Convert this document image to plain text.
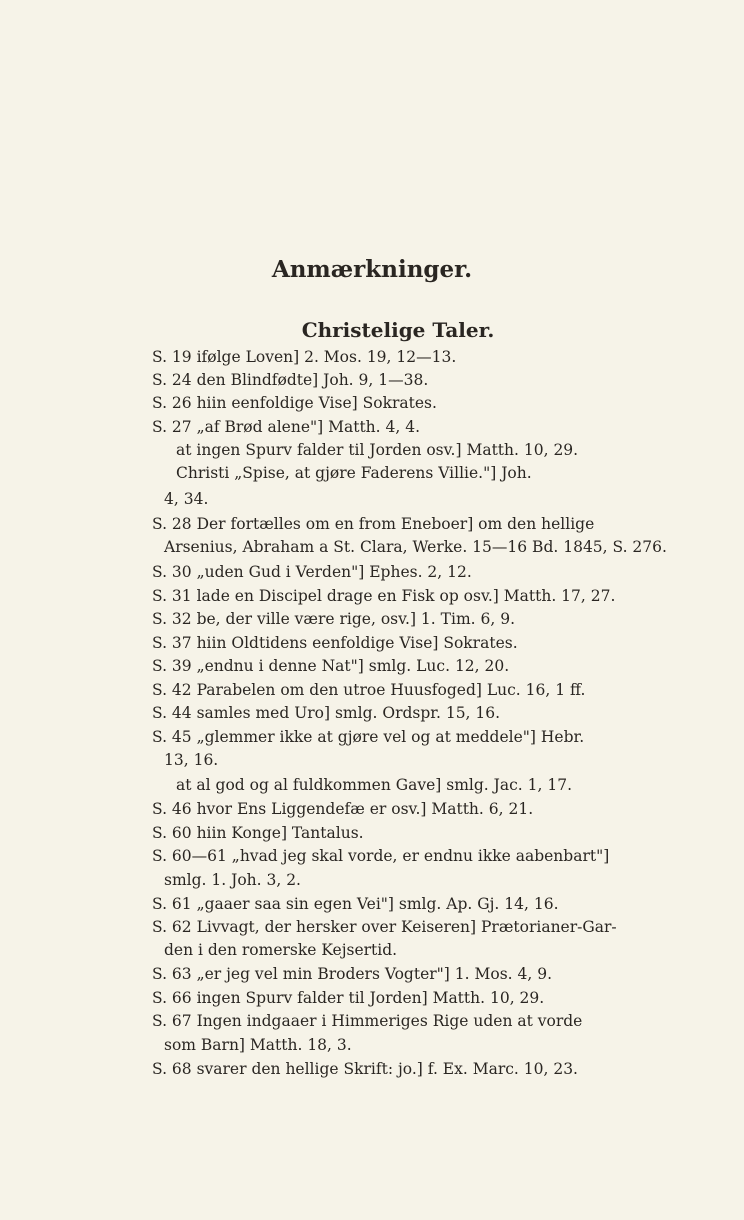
Anmærkninger.
Christelige Taler.
S. 19 ifølge Loven] 2. Mos. 19, 12—13.
S. 24 den Blindfødte] Joh. 9, 1—38.
S. 26 hiin eenfoldige Vise] Sokrates.
S. 27 „af Brød alene"] Matth. 4, 4.
at ingen Spurv falder til Jorden osv.] Matth. 10, 29.
Christi „Spise, at gjøre Faderens Villie."] Joh.
4, 34.
S. 28 Der fortælles om en from Eneboer] om den hellige
Arsenius, Abraham a St. Clara, Werke. 15—16 Bd. 1845, S. 276.
S. 30 „uden Gud i Verden"] Ephes. 2, 12.
S. 31 lade en Discipel drage en Fisk op osv.] Matth. 17, 27.
S. 32 be, der ville være rige, osv.] 1. Tim. 6, 9.
S. 37 hiin Oldtidens eenfoldige Vise] Sokrates.
S. 39 „endnu i denne Nat"] smlg. Luc. 12, 20.
S. 42 Parabelen om den utroe Huusfoged] Luc. 16, 1 ff.
S. 44 samles med Uro] smlg. Ordspr. 15, 16.
S. 45 „glemmer ikke at gjøre vel og at meddele"] Hebr.
13, 16.
at al god og al fuldkommen Gave] smlg. Jac. 1, 17.
S. 46 hvor Ens Liggendefæ er osv.] Matth. 6, 21.
S. 60 hiin Konge] Tantalus.
S. 60—61 „hvad jeg skal vorde, er endnu ikke aabenbart"]
smlg. 1. Joh. 3, 2.
S. 61 „gaaer saa sin egen Vei"] smlg. Ap. Gj. 14, 16.
S. 62 Livvagt, der hersker over Keiseren] Prætorianer-Gar-
den i den romerske Kejsertid.
S. 63 „er jeg vel min Broders Vogter"] 1. Mos. 4, 9.
S. 66 ingen Spurv falder til Jorden] Matth. 10, 29.
S. 67 Ingen indgaaer i Himmeriges Rige uden at vorde
som Barn] Matth. 18, 3.
S. 68 svarer den hellige Skrift: jo.] f. Ex. Marc. 10, 23.
